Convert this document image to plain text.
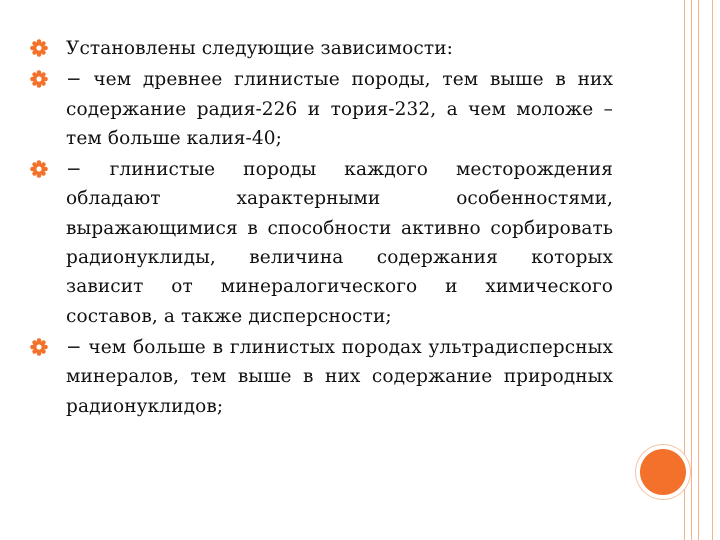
Установлены следующие зависимости:
− чем древнее глинистые породы, тем выше в них содержание радия-226 и тория-232, а чем моложе – тем больше калия-40;
− глинистые породы каждого месторождения обладают характерными особенностями, выражающимися в способности активно сорбировать радионуклиды, величина содержания которых зависит от минералогического и химического составов, а также дисперсности;
− чем больше в глинистых породах ультрадисперсных минералов, тем выше в них содержание природных радионуклидов;
